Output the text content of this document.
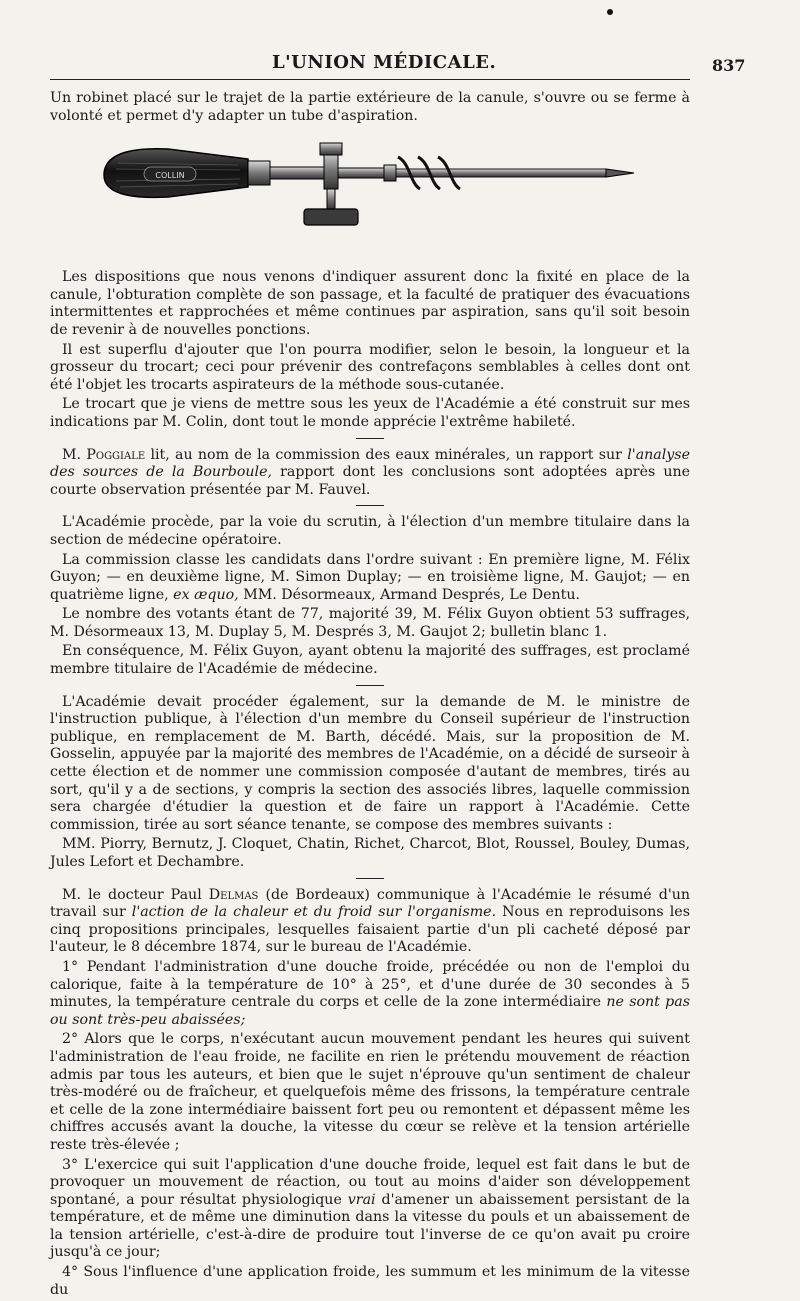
L'UNION MÉDICALE.	837

Un robinet placé sur le trajet de la partie extérieure de la canule, s'ouvre ou se ferme à volonté et permet d'y adapter un tube d'aspiration.

COLLIN

Les dispositions que nous venons d'indiquer assurent donc la fixité en place de la canule, l'obturation complète de son passage, et la faculté de pratiquer des évacuations intermittentes et rapprochées et même continues par aspiration, sans qu'il soit besoin de revenir à de nouvelles ponctions.

Il est superflu d'ajouter que l'on pourra modifier, selon le besoin, la longueur et la grosseur du trocart; ceci pour prévenir des contrefaçons semblables à celles dont ont été l'objet les trocarts aspirateurs de la méthode sous-cutanée.

Le trocart que je viens de mettre sous les yeux de l'Académie a été construit sur mes indications par M. Colin, dont tout le monde apprécie l'extrême habileté.

M. Poggiale lit, au nom de la commission des eaux minérales, un rapport sur l'analyse des sources de la Bourboule, rapport dont les conclusions sont adoptées après une courte observation présentée par M. Fauvel.

L'Académie procède, par la voie du scrutin, à l'élection d'un membre titulaire dans la section de médecine opératoire.

La commission classe les candidats dans l'ordre suivant : En première ligne, M. Félix Guyon; — en deuxième ligne, M. Simon Duplay; — en troisième ligne, M. Gaujot; — en quatrième ligne, ex æquo, MM. Désormeaux, Armand Després, Le Dentu.

Le nombre des votants étant de 77, majorité 39, M. Félix Guyon obtient 53 suffrages, M. Désormeaux 13, M. Duplay 5, M. Després 3, M. Gaujot 2; bulletin blanc 1.

En conséquence, M. Félix Guyon, ayant obtenu la majorité des suffrages, est proclamé membre titulaire de l'Académie de médecine.

L'Académie devait procéder également, sur la demande de M. le ministre de l'instruction publique, à l'élection d'un membre du Conseil supérieur de l'instruction publique, en remplacement de M. Barth, décédé. Mais, sur la proposition de M. Gosselin, appuyée par la majorité des membres de l'Académie, on a décidé de surseoir à cette élection et de nommer une commission composée d'autant de membres, tirés au sort, qu'il y a de sections, y compris la section des associés libres, laquelle commission sera chargée d'étudier la question et de faire un rapport à l'Académie. Cette commission, tirée au sort séance tenante, se compose des membres suivants :

MM. Piorry, Bernutz, J. Cloquet, Chatin, Richet, Charcot, Blot, Roussel, Bouley, Dumas, Jules Lefort et Dechambre.

M. le docteur Paul Delmas (de Bordeaux) communique à l'Académie le résumé d'un travail sur l'action de la chaleur et du froid sur l'organisme. Nous en reproduisons les cinq propositions principales, lesquelles faisaient partie d'un pli cacheté déposé par l'auteur, le 8 décembre 1874, sur le bureau de l'Académie.

1° Pendant l'administration d'une douche froide, précédée ou non de l'emploi du calorique, faite à la température de 10° à 25°, et d'une durée de 30 secondes à 5 minutes, la température centrale du corps et celle de la zone intermédiaire ne sont pas ou sont très-peu abaissées;

2° Alors que le corps, n'exécutant aucun mouvement pendant les heures qui suivent l'administration de l'eau froide, ne facilite en rien le prétendu mouvement de réaction admis par tous les auteurs, et bien que le sujet n'éprouve qu'un sentiment de chaleur très-modéré ou de fraîcheur, et quelquefois même des frissons, la température centrale et celle de la zone intermédiaire baissent fort peu ou remontent et dépassent même les chiffres accusés avant la douche, la vitesse du cœur se relève et la tension artérielle reste très-élevée ;

3° L'exercice qui suit l'application d'une douche froide, lequel est fait dans le but de provoquer un mouvement de réaction, ou tout au moins d'aider son développement spontané, a pour résultat physiologique vrai d'amener un abaissement persistant de la température, et de même une diminution dans la vitesse du pouls et un abaissement de la tension artérielle, c'est-à-dire de produire tout l'inverse de ce qu'on avait pu croire jusqu'à ce jour;

4° Sous l'influence d'une application froide, les summum et les minimum de la vitesse du
